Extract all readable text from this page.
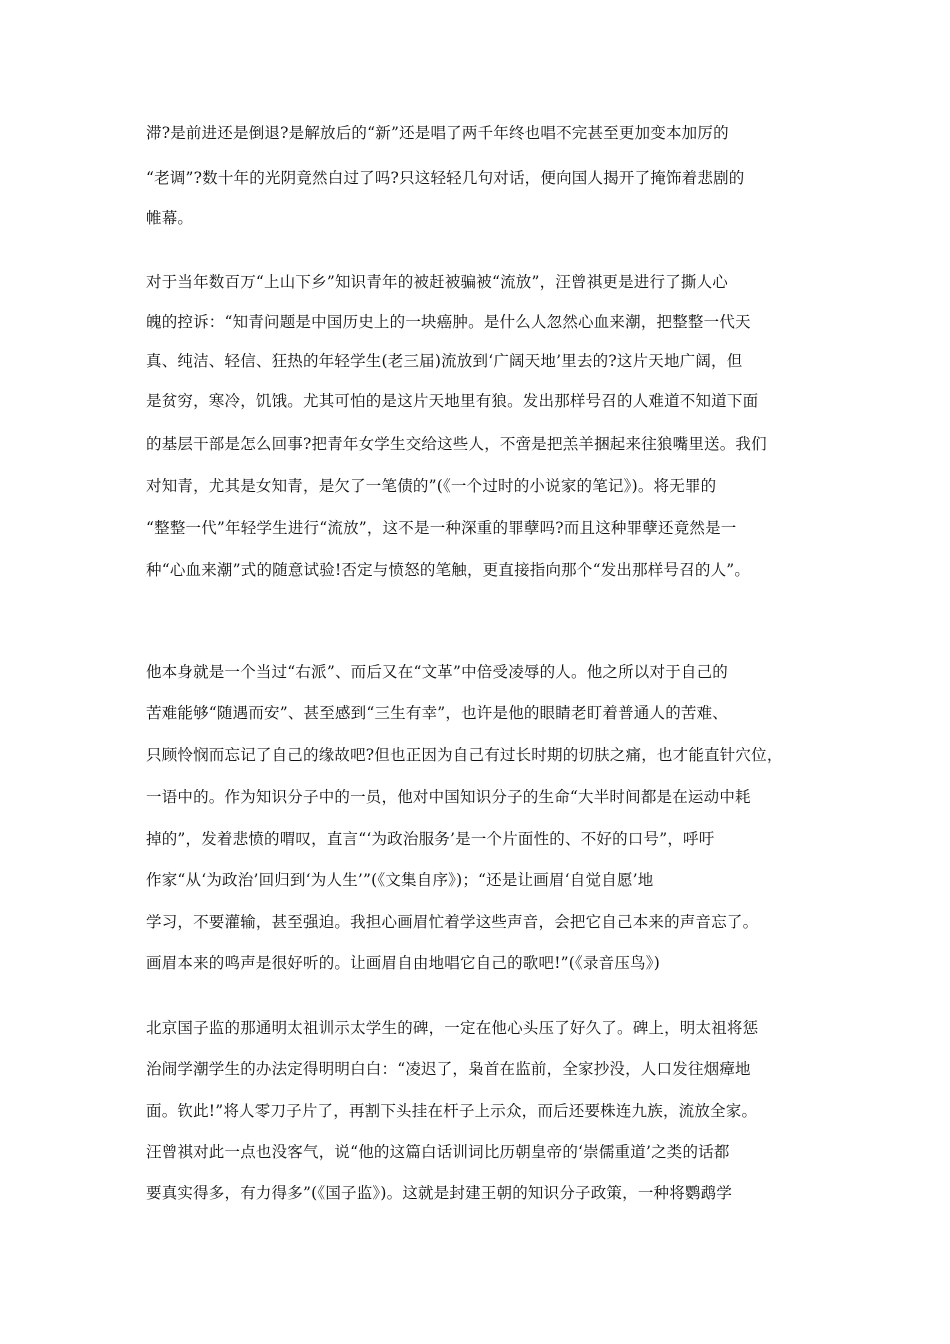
滞?是前进还是倒退?是解放后的“新”还是唱了两千年终也唱不完甚至更加变本加厉的
“老调”?数十年的光阴竟然白过了吗?只这轻轻几句对话，便向国人揭开了掩饰着悲剧的
帷幕。
对于当年数百万“上山下乡”知识青年的被赶被骗被“流放”，汪曾祺更是进行了撕人心
魄的控诉：“知青问题是中国历史上的一块癌肿。是什么人忽然心血来潮，把整整一代天
真、纯洁、轻信、狂热的年轻学生(老三届)流放到‘广阔天地’里去的?这片天地广阔，但
是贫穷，寒冷，饥饿。尤其可怕的是这片天地里有狼。发出那样号召的人难道不知道下面
的基层干部是怎么回事?把青年女学生交给这些人，不啻是把羔羊捆起来往狼嘴里送。我们
对知青，尤其是女知青，是欠了一笔债的”(《一个过时的小说家的笔记》)。将无罪的
“整整一代”年轻学生进行“流放”，这不是一种深重的罪孽吗?而且这种罪孽还竟然是一
种“心血来潮”式的随意试验!否定与愤怒的笔触，更直接指向那个“发出那样号召的人”。
他本身就是一个当过“右派”、而后又在“文革”中倍受凌辱的人。他之所以对于自己的
苦难能够“随遇而安”、甚至感到“三生有幸”，也许是他的眼睛老盯着普通人的苦难、
只顾怜悯而忘记了自己的缘故吧?但也正因为自己有过长时期的切肤之痛，也才能直针穴位，
一语中的。作为知识分子中的一员，他对中国知识分子的生命“大半时间都是在运动中耗
掉的”，发着悲愤的喟叹，直言“‘为政治服务’是一个片面性的、不好的口号”，呼吁
作家“从‘为政治’回归到‘为人生’”(《文集自序》)；“还是让画眉‘自觉自愿’地
学习，不要灌输，甚至强迫。我担心画眉忙着学这些声音，会把它自己本来的声音忘了。
画眉本来的鸣声是很好听的。让画眉自由地唱它自己的歌吧!”(《录音压鸟》)
北京国子监的那通明太祖训示太学生的碑，一定在他心头压了好久了。碑上，明太祖将惩
治闹学潮学生的办法定得明明白白：“凌迟了，枭首在监前，全家抄没，人口发往烟瘴地
面。钦此!”将人零刀子片了，再割下头挂在杆子上示众，而后还要株连九族，流放全家。
汪曾祺对此一点也没客气，说“他的这篇白话训词比历朝皇帝的‘崇儒重道’之类的话都
要真实得多，有力得多”(《国子监》)。这就是封建王朝的知识分子政策，一种将鹦鹉学
